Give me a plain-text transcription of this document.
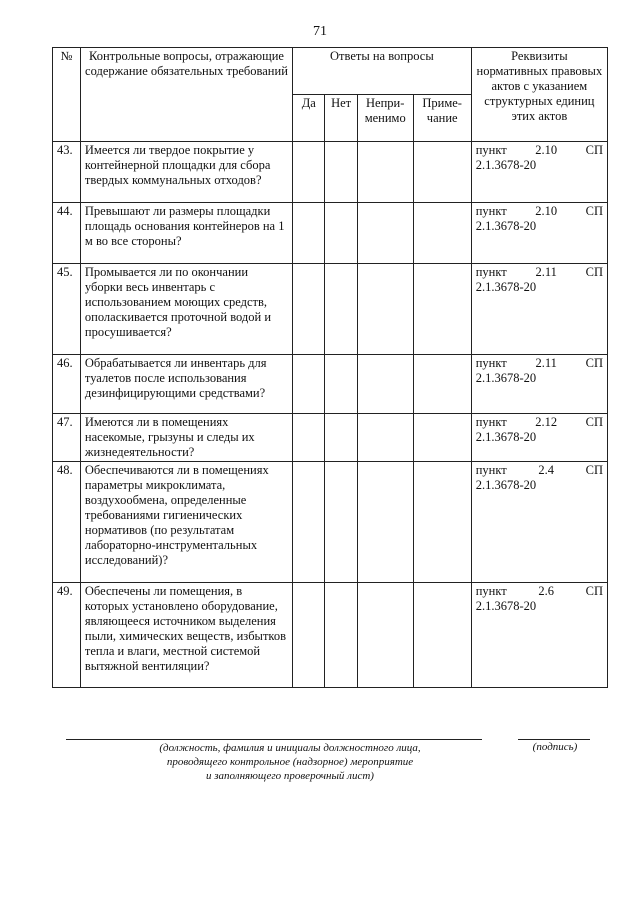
71
№	Контрольные вопросы, отражающие содержание обязательных требований	Ответы на вопросы				Реквизиты нормативных правовых актов с указанием структурных единиц этих актов
		Да	Нет	Непри-менимо	Приме-чание	
43.	Имеется ли твердое покрытие у контейнерной площадки для сбора твердых коммунальных отходов?					пункт 2.10 СП
2.1.3678-20

44.	Превышают ли размеры площадки площадь основания контейнеров на 1 м во все стороны?					пункт 2.10 СП
2.1.3678-20

45.	Промывается ли по окончании уборки весь инвентарь с использованием моющих средств, ополаскивается проточной водой и просушивается?					пункт 2.11 СП
2.1.3678-20

46.	Обрабатывается ли инвентарь для туалетов после использования дезинфицирующими средствами?					пункт 2.11 СП
2.1.3678-20

47.	Имеются ли в помещениях насекомые, грызуны и следы их жизнедеятельности?					пункт 2.12 СП
2.1.3678-20

48.	Обеспечиваются ли в помещениях параметры микроклимата, воздухообмена, определенные требованиями гигиенических нормативов (по результатам лабораторно-инструментальных исследований)?					пункт 2.4 СП
2.1.3678-20

49.	Обеспечены ли помещения, в которых установлено оборудование, являющееся источником выделения пыли, химических веществ, избытков тепла и влаги, местной системой вытяжной вентиляции?					пункт 2.6 СП
2.1.3678-20
(должность, фамилия и инициалы должностного лица,
проводящего контрольное (надзорное) мероприятие
и заполняющего проверочный лист)
(подпись)
